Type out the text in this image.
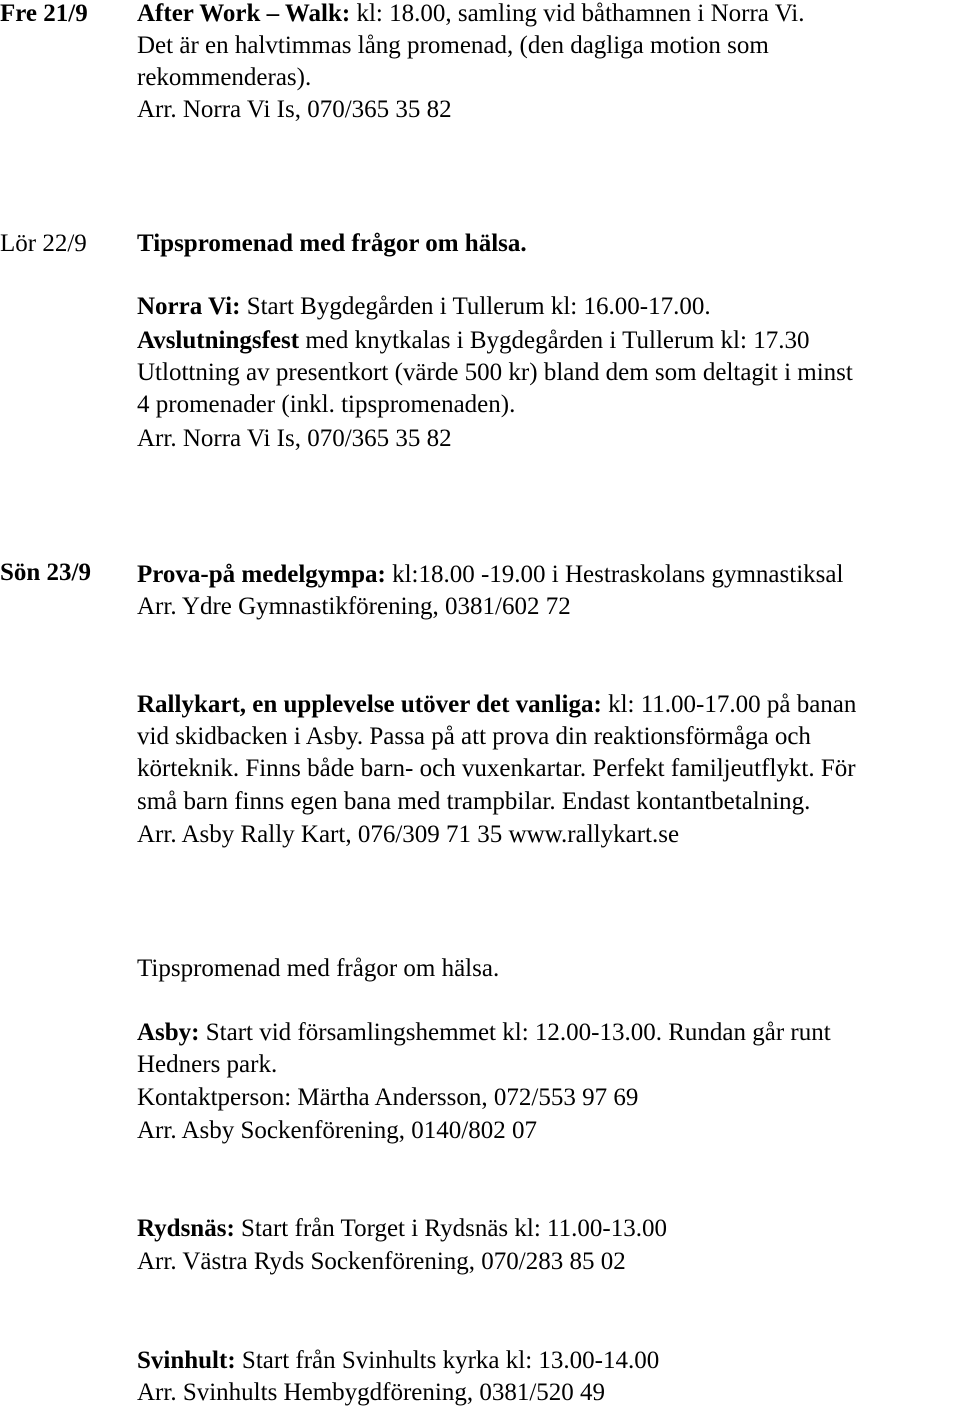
Fre 21/9 After Work – Walk: kl: 18.00, samling vid båthamnen i Norra Vi.
Det är en halvtimmas lång promenad, (den dagliga motion som
rekommenderas).
Arr. Norra Vi Is, 070/365 35 82
Lör 22/9 Tipspromenad med frågor om hälsa.
Norra Vi: Start Bygdegården i Tullerum kl: 16.00-17.00.
Avslutningsfest med knytkalas i Bygdegården i Tullerum kl: 17.30
Utlottning av presentkort (värde 500 kr) bland dem som deltagit i minst
4 promenader (inkl. tipspromenaden).
Arr. Norra Vi Is, 070/365 35 82
Sön 23/9 Prova-på medelgympa: kl:18.00 -19.00 i Hestraskolans gymnastiksal
Arr. Ydre Gymnastikförening, 0381/602 72
Rallykart, en upplevelse utöver det vanliga: kl: 11.00-17.00 på banan
vid skidbacken i Asby. Passa på att prova din reaktionsförmåga och
körteknik. Finns både barn- och vuxenkartar. Perfekt familjeutflykt. För
små barn finns egen bana med trampbilar. Endast kontantbetalning.
Arr. Asby Rally Kart, 076/309 71 35 www.rallykart.se
Tipspromenad med frågor om hälsa.
Asby: Start vid församlingshemmet kl: 12.00-13.00. Rundan går runt
Hedners park.
Kontaktperson: Märtha Andersson, 072/553 97 69
Arr. Asby Sockenförening, 0140/802 07
Rydsnäs: Start från Torget i Rydsnäs kl: 11.00-13.00
Arr. Västra Ryds Sockenförening, 070/283 85 02
Svinhult: Start från Svinhults kyrka kl: 13.00-14.00
Arr. Svinhults Hembygdförening, 0381/520 49
